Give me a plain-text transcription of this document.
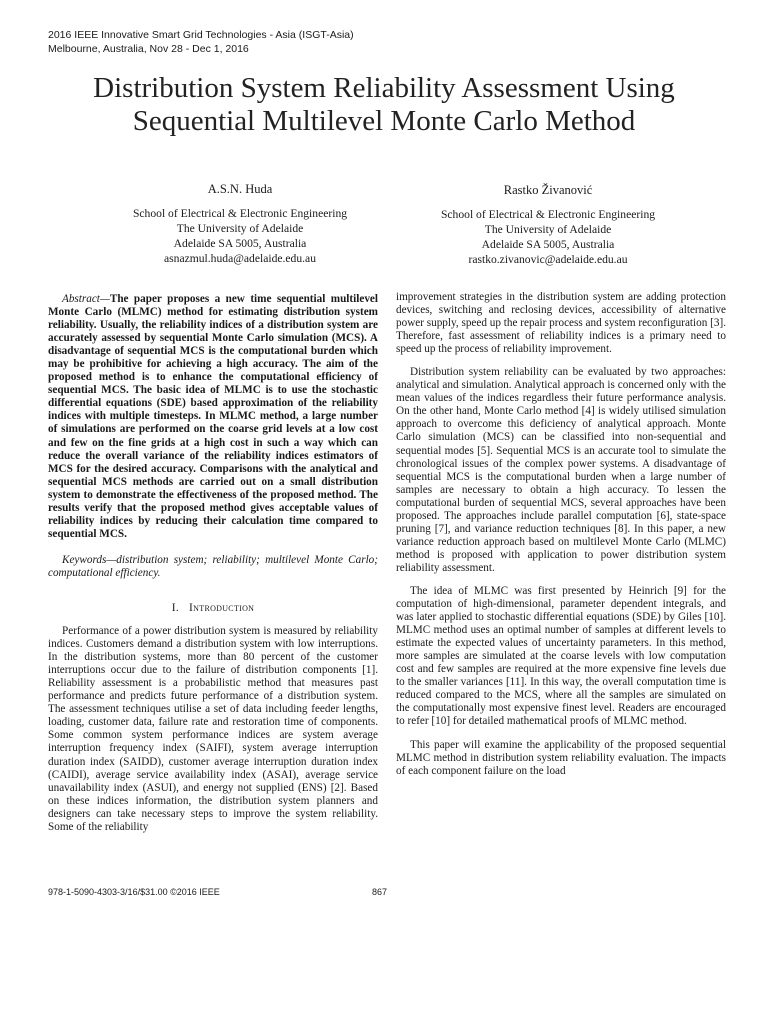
2016 IEEE Innovative Smart Grid Technologies - Asia (ISGT-Asia)
Melbourne, Australia, Nov 28 - Dec 1, 2016
Distribution System Reliability Assessment Using
Sequential Multilevel Monte Carlo Method
A.S.N. Huda
School of Electrical & Electronic Engineering
The University of Adelaide
Adelaide SA 5005, Australia
asnazmul.huda@adelaide.edu.au
Rastko Živanović
School of Electrical & Electronic Engineering
The University of Adelaide
Adelaide SA 5005, Australia
rastko.zivanovic@adelaide.edu.au

Abstract—The paper proposes a new time sequential multilevel Monte Carlo (MLMC) method for estimating distribution system reliability. Usually, the reliability indices of a distribution system are accurately assessed by sequential Monte Carlo simulation (MCS). A disadvantage of sequential MCS is the computational burden which may be prohibitive for achieving a high accuracy. The aim of the proposed method is to enhance the computational efficiency of sequential MCS. The basic idea of MLMC is to use the stochastic differential equations (SDE) based approximation of the reliability indices with multiple timesteps. In MLMC method, a large number of simulations are performed on the coarse grid levels at a low cost and few on the fine grids at a high cost in such a way which can reduce the overall variance of the reliability indices estimators of MCS for the desired accuracy. Comparisons with the analytical and sequential MCS methods are carried out on a small distribution system to demonstrate the effectiveness of the proposed method. The results verify that the proposed method gives acceptable values of reliability indices by reducing their calculation time compared to sequential MCS.

Keywords—distribution system; reliability; multilevel Monte Carlo; computational efficiency.

I. Introduction

Performance of a power distribution system is measured by reliability indices. Customers demand a distribution system with low interruptions. In the distribution systems, more than 80 percent of the customer interruptions occur due to the failure of distribution components [1]. Reliability assessment is a probabilistic method that measures past performance and predicts future performance of a distribution system. The assessment techniques utilise a set of data including feeder lengths, loading, customer data, failure rate and restoration time of components. Some common system performance indices are system average interruption frequency index (SAIFI), system average interruption duration index (SAIDD), customer average interruption duration index (CAIDI), average service availability index (ASAI), average service unavailability index (ASUI), and energy not supplied (ENS) [2]. Based on these indices information, the distribution system planners and designers can take necessary steps to improve the system reliability. Some of the reliability

improvement strategies in the distribution system are adding protection devices, switching and reclosing devices, accessibility of alternative power supply, speed up the repair process and system reconfiguration [3]. Therefore, fast assessment of reliability indices is a primary need to speed up the process of reliability improvement.

Distribution system reliability can be evaluated by two approaches: analytical and simulation. Analytical approach is concerned only with the mean values of the indices regardless their future performance analysis. On the other hand, Monte Carlo method [4] is widely utilised simulation approach to overcome this deficiency of analytical approach. Monte Carlo simulation (MCS) can be classified into non-sequential and sequential modes [5]. Sequential MCS is an accurate tool to simulate the chronological issues of the complex power systems. A disadvantage of sequential MCS is the computational burden when a large number of samples are necessary to obtain a high accuracy. To lessen the computational burden of sequential MCS, several approaches have been proposed. The approaches include parallel computation [6], state-space pruning [7], and variance reduction techniques [8]. In this paper, a new variance reduction approach based on multilevel Monte Carlo (MLMC) method is proposed with application to power distribution system reliability assessment.

The idea of MLMC was first presented by Heinrich [9] for the computation of high-dimensional, parameter dependent integrals, and was later applied to stochastic differential equations (SDE) by Giles [10]. MLMC method uses an optimal number of samples at different levels to estimate the expected values of uncertainty parameters. In this method, more samples are simulated at the coarse levels with low computation cost and few samples are required at the more expensive fine levels due to the smaller variances [11]. In this way, the overall computation time is reduced compared to the MCS, where all the samples are simulated on the computationally most expensive finest level. Readers are encouraged to refer [10] for detailed mathematical proofs of MLMC method.

This paper will examine the applicability of the proposed sequential MLMC method in distribution system reliability evaluation. The impacts of each component failure on the load

978-1-5090-4303-3/16/$31.00 ©2016 IEEE	867
